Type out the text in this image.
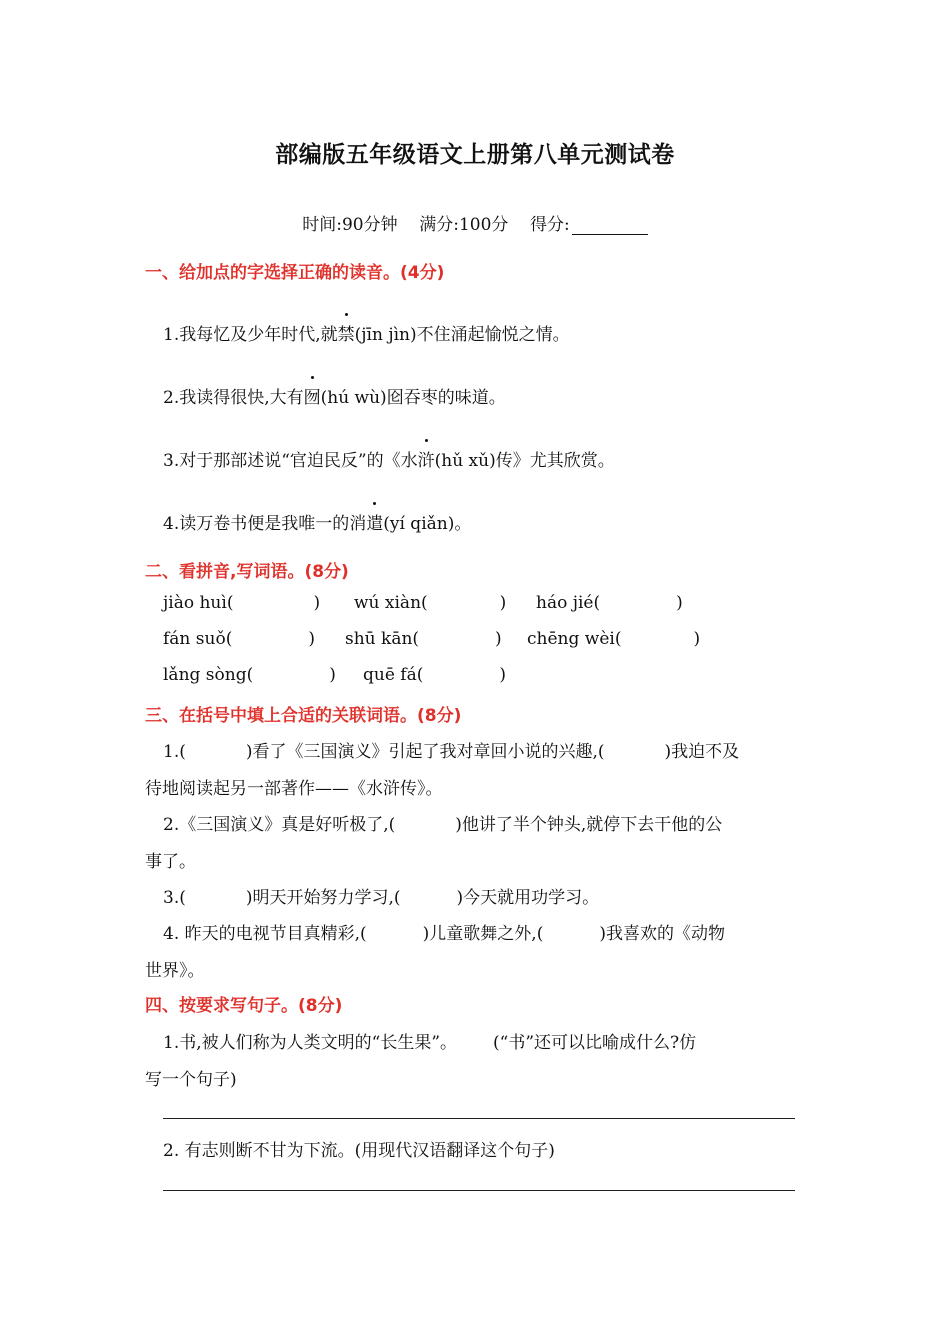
部编版五年级语文上册第八单元测试卷
时间:90分钟 满分:100分 得分:
一、给加点的字选择正确的读音。(4分)
1.我每忆及少年时代,就禁(jīn jìn)不住涌起愉悦之情。
2.我读得很快,大有囫(hú wù)囵吞枣的味道。
3.对于那部述说“官迫民反”的《水浒(hǔ xǔ)传》尤其欣赏。
4.读万卷书便是我唯一的消遣(yí qiǎn)。
二、看拼音,写词语。(8分)
jiào huì(	) wú xiàn(	) háo jié(	)
fán suǒ(	) shū kān(	) chēng wèi(	)
lǎng sòng(	) quē fá(	)
三、在括号中填上合适的关联词语。(8分)
1.(	)看了《三国演义》引起了我对章回小说的兴趣,(	)我迫不及
待地阅读起另一部著作——《水浒传》。
2.《三国演义》真是好听极了,(	)他讲了半个钟头,就停下去干他的公
事了。
3.(	)明天开始努力学习,(	)今天就用功学习。
4. 昨天的电视节目真精彩,(	)儿童歌舞之外,(	)我喜欢的《动物
世界》。
四、按要求写句子。(8分)
1.书,被人们称为人类文明的“长生果”。 (“书”还可以比喻成什么?仿
写一个句子)
2. 有志则断不甘为下流。(用现代汉语翻译这个句子)
